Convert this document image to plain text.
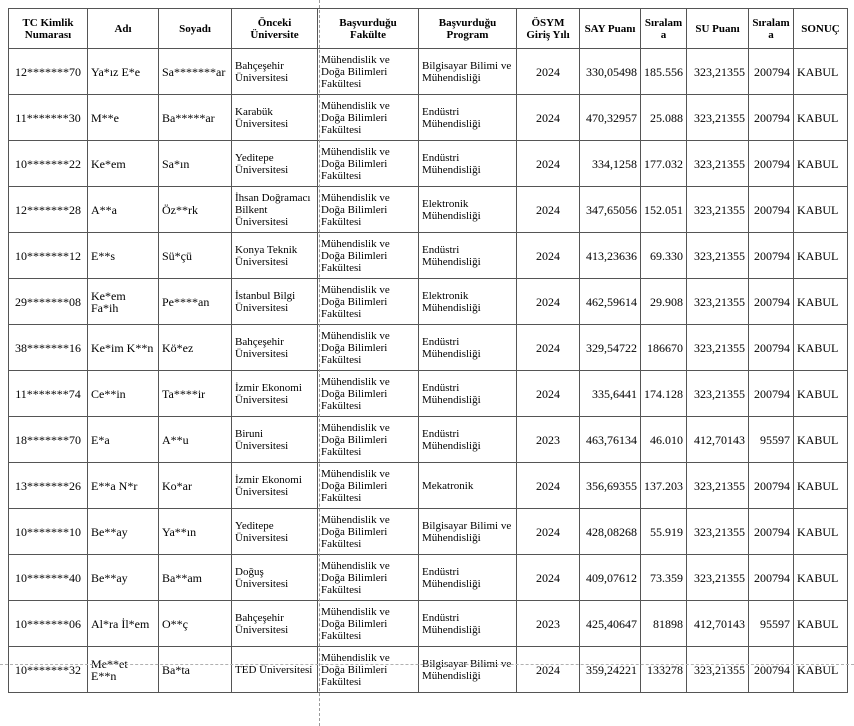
TC Kimlik Numarası	Adı	Soyadı	Önceki Üniversite	Başvurduğu Fakülte	Başvurduğu Program	ÖSYM Giriş Yılı	SAY Puanı	Sıralam a	SU Puanı	Sıralam a	SONUÇ
12*******70	Ya*ız E*e	Sa*******ar	Bahçeşehir Üniversitesi	Mühendislik ve Doğa Bilimleri Fakültesi	Bilgisayar Bilimi ve Mühendisliği	2024	330,05498	185.556	323,21355	200794	KABUL
11*******30	M**e	Ba*****ar	Karabük Üniversitesi	Mühendislik ve Doğa Bilimleri Fakültesi	Endüstri Mühendisliği	2024	470,32957	25.088	323,21355	200794	KABUL
10*******22	Ke*em	Sa*ın	Yeditepe Üniversitesi	Mühendislik ve Doğa Bilimleri Fakültesi	Endüstri Mühendisliği	2024	334,1258	177.032	323,21355	200794	KABUL
12*******28	A**a	Öz**rk	İhsan Doğramacı Bilkent Üniversitesi	Mühendislik ve Doğa Bilimleri Fakültesi	Elektronik Mühendisliği	2024	347,65056	152.051	323,21355	200794	KABUL
10*******12	E**s	Sü*çü	Konya Teknik Üniversitesi	Mühendislik ve Doğa Bilimleri Fakültesi	Endüstri Mühendisliği	2024	413,23636	69.330	323,21355	200794	KABUL
29*******08	Ke*em Fa*ih	Pe****an	İstanbul Bilgi Üniversitesi	Mühendislik ve Doğa Bilimleri Fakültesi	Elektronik Mühendisliği	2024	462,59614	29.908	323,21355	200794	KABUL
38*******16	Ke*im K**n	Kö*ez	Bahçeşehir Üniversitesi	Mühendislik ve Doğa Bilimleri Fakültesi	Endüstri Mühendisliği	2024	329,54722	186670	323,21355	200794	KABUL
11*******74	Ce**in	Ta****ir	İzmir Ekonomi Üniversitesi	Mühendislik ve Doğa Bilimleri Fakültesi	Endüstri Mühendisliği	2024	335,6441	174.128	323,21355	200794	KABUL
18*******70	E*a	A**u	Biruni Üniversitesi	Mühendislik ve Doğa Bilimleri Fakültesi	Endüstri Mühendisliği	2023	463,76134	46.010	412,70143	95597	KABUL
13*******26	E**a N*r	Ko*ar	İzmir Ekonomi Üniversitesi	Mühendislik ve Doğa Bilimleri Fakültesi	Mekatronik	2024	356,69355	137.203	323,21355	200794	KABUL
10*******10	Be**ay	Ya**ın	Yeditepe Üniversitesi	Mühendislik ve Doğa Bilimleri Fakültesi	Bilgisayar Bilimi ve Mühendisliği	2024	428,08268	55.919	323,21355	200794	KABUL
10*******40	Be**ay	Ba**am	Doğuş Üniversitesi	Mühendislik ve Doğa Bilimleri Fakültesi	Endüstri Mühendisliği	2024	409,07612	73.359	323,21355	200794	KABUL
10*******06	Al*ra İl*em	O**ç	Bahçeşehir Üniversitesi	Mühendislik ve Doğa Bilimleri Fakültesi	Endüstri Mühendisliği	2023	425,40647	81898	412,70143	95597	KABUL
10*******32	Me**et E**n	Ba*ta	TED Üniversitesi	Mühendislik ve Doğa Bilimleri Fakültesi	Bilgisayar Bilimi ve Mühendisliği	2024	359,24221	133278	323,21355	200794	KABUL
